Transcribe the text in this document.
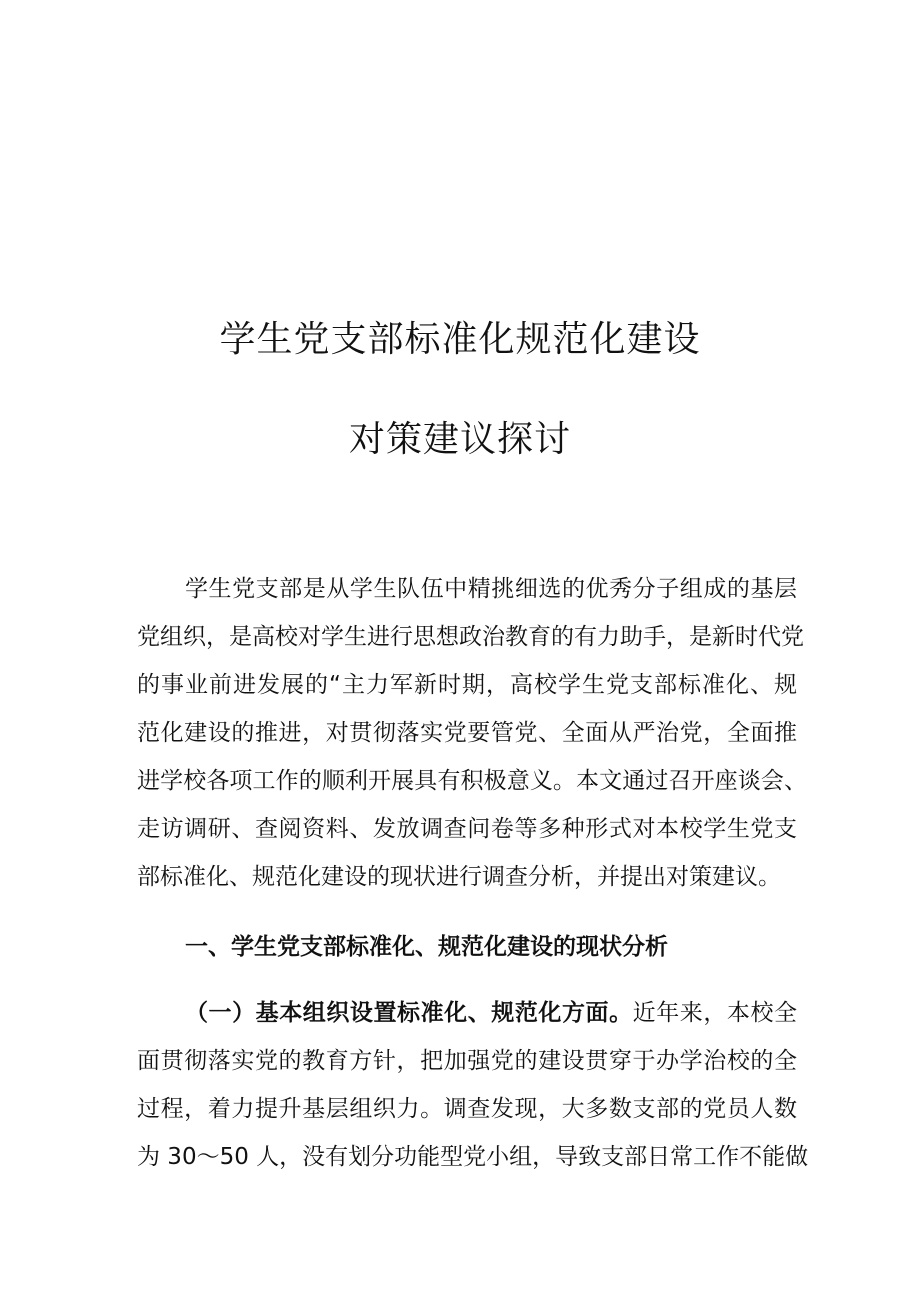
学生党支部标准化规范化建设
对策建议探讨
学生党支部是从学生队伍中精挑细选的优秀分子组成的基层
党组织，是高校对学生进行思想政治教育的有力助手，是新时代党
的事业前进发展的“主力军新时期，高校学生党支部标准化、规
范化建设的推进，对贯彻落实党要管党、全面从严治党，全面推
进学校各项工作的顺利开展具有积极意义。本文通过召开座谈会、
走访调研、查阅资料、发放调查问卷等多种形式对本校学生党支
部标准化、规范化建设的现状进行调查分析，并提出对策建议。
一、学生党支部标准化、规范化建设的现状分析
（一）基本组织设置标准化、规范化方面。近年来，本校全
面贯彻落实党的教育方针，把加强党的建设贯穿于办学治校的全
过程，着力提升基层组织力。调查发现，大多数支部的党员人数
为 30〜50 人，没有划分功能型党小组，导致支部日常工作不能做
